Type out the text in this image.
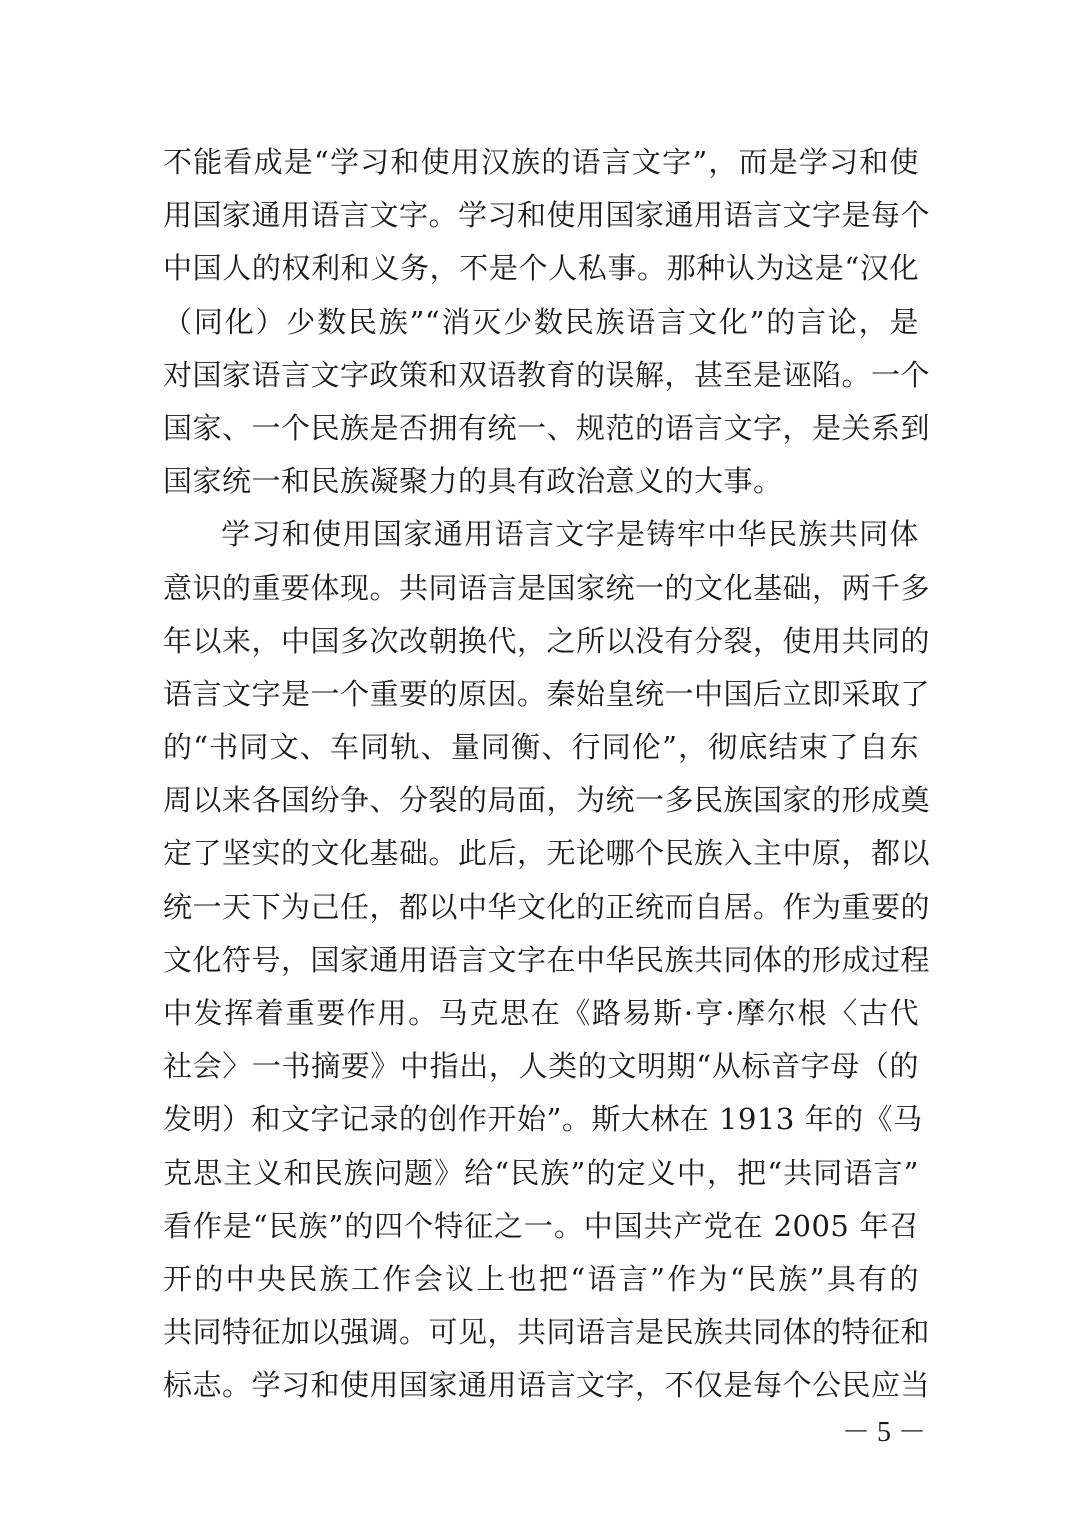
不能看成是“学习和使用汉族的语言文字”，而是学习和使
用国家通用语言文字。学习和使用国家通用语言文字是每个
中国人的权利和义务，不是个人私事。那种认为这是“汉化
（同化）少数民族”“消灭少数民族语言文化”的言论，是
对国家语言文字政策和双语教育的误解，甚至是诬陷。一个
国家、一个民族是否拥有统一、规范的语言文字，是关系到
国家统一和民族凝聚力的具有政治意义的大事。
学习和使用国家通用语言文字是铸牢中华民族共同体
意识的重要体现。共同语言是国家统一的文化基础，两千多
年以来，中国多次改朝换代，之所以没有分裂，使用共同的
语言文字是一个重要的原因。秦始皇统一中国后立即采取了
的“书同文、车同轨、量同衡、行同伦”，彻底结束了自东
周以来各国纷争、分裂的局面，为统一多民族国家的形成奠
定了坚实的文化基础。此后，无论哪个民族入主中原，都以
统一天下为己任，都以中华文化的正统而自居。作为重要的
文化符号，国家通用语言文字在中华民族共同体的形成过程
中发挥着重要作用。马克思在《路易斯·亨·摩尔根〈古代
社会〉一书摘要》中指出，人类的文明期“从标音字母（的
发明）和文字记录的创作开始”。斯大林在 1913 年的《马
克思主义和民族问题》给“民族”的定义中，把“共同语言”
看作是“民族”的四个特征之一。中国共产党在 2005 年召
开的中央民族工作会议上也把“语言”作为“民族”具有的
共同特征加以强调。可见，共同语言是民族共同体的特征和
标志。学习和使用国家通用语言文字，不仅是每个公民应当
－ 5 －
